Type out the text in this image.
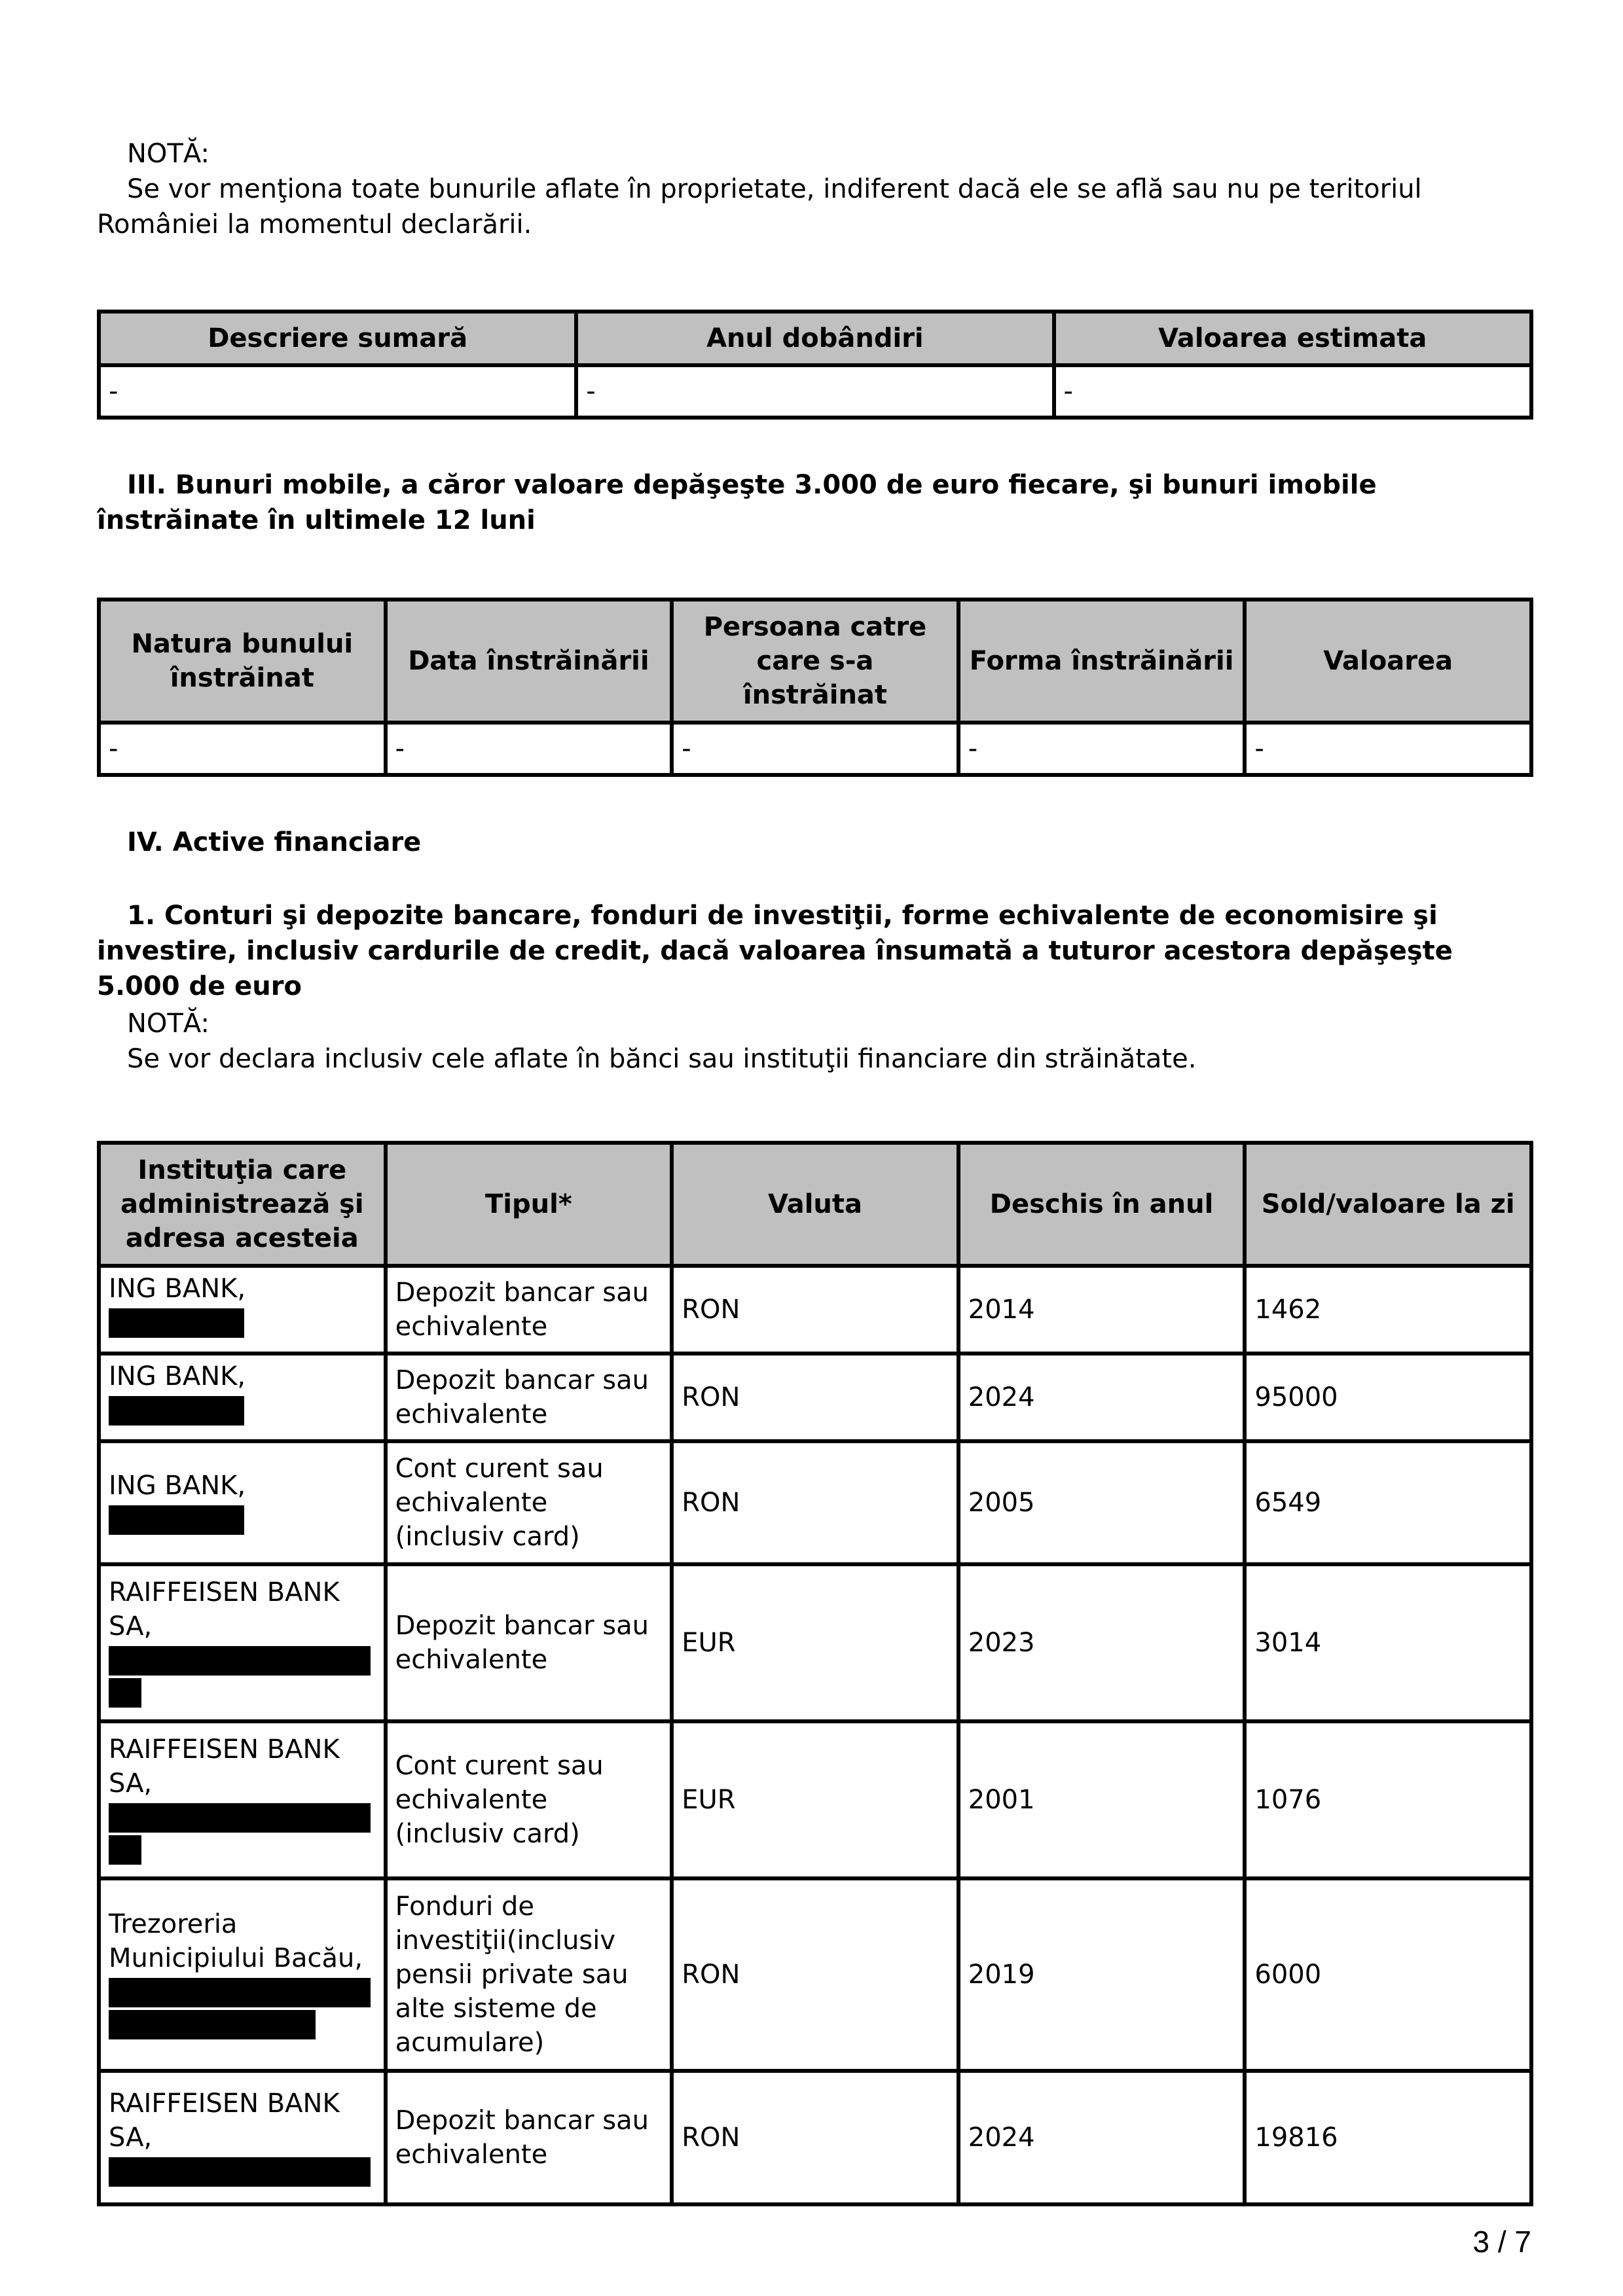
NOTĂ:

Se vor menţiona toate bunurile aflate în proprietate, indiferent dacă ele se află sau nu pe teritoriul României la momentul declarării.

Descriere sumară	Anul dobândiri	Valoarea estimata
-	-	-

III. Bunuri mobile, a căror valoare depăşeşte 3.000 de euro fiecare, şi bunuri imobile înstrăinate în ultimele 12 luni

Natura bunului înstrăinat	Data înstrăinării	Persoana catre care s-a înstrăinat	Forma înstrăinării	Valoarea
-	-	-	-	-

IV. Active financiare

1. Conturi şi depozite bancare, fonduri de investiţii, forme echivalente de economisire şi investire, inclusiv cardurile de credit, dacă valoarea însumată a tuturor acestora depăşeşte 5.000 de euro

NOTĂ:

Se vor declara inclusiv cele aflate în bănci sau instituţii financiare din străinătate.

Instituţia care administrează şi adresa acesteia	Tipul*	Valuta	Deschis în anul	Sold/valoare la zi

ING BANK,	Depozit bancar sau echivalente	RON	2014	1462

ING BANK,	Depozit bancar sau echivalente	RON	2024	95000

ING BANK,	Cont curent sau echivalente (inclusiv card)	RON	2005	6549

RAIFFEISEN BANK SA,	Depozit bancar sau echivalente	EUR	2023	3014

RAIFFEISEN BANK SA,	Cont curent sau echivalente (inclusiv card)	EUR	2001	1076

Trezoreria Municipiului Bacău,	Fonduri de investiţii(inclusiv pensii private sau alte sisteme de acumulare)	RON	2019	6000

RAIFFEISEN BANK SA,	Depozit bancar sau echivalente	RON	2024	19816
3 / 7
